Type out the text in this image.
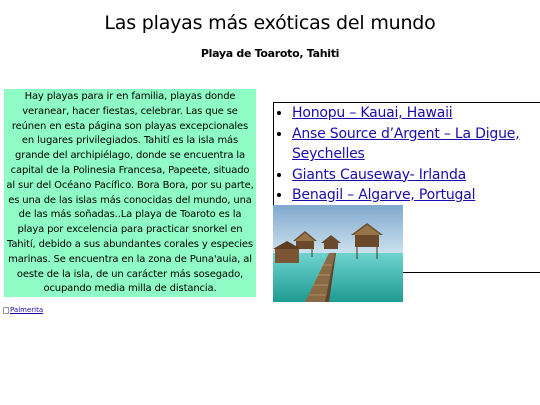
Las playas más exóticas del mundo
Playa de Toaroto, Tahiti
Hay playas para ir en familia, playas donde veranear, hacer fiestas, celebrar. Las que se reúnen en esta página son playas excepcionales en lugares privilegiados. Tahití es la isla más grande del archipiélago, donde se encuentra la capital de la Polinesia Francesa, Papeete, situado al sur del Océano Pacífico. Bora Bora, por su parte, es una de las islas más conocidas del mundo, una de las más soñadas..La playa de Toaroto es la playa por excelencia para practicar snorkel en Tahití, debido a sus abundantes corales y especies marinas. Se encuentra en la zona de Puna'auia, al oeste de la isla, de un carácter más sosegado, ocupando media milla de distancia.
• Honopu – Kauai, Hawaii
• Anse Source d’Argent – La Digue, Seychelles
• Giants Causeway- Irlanda
• Benagil – Algarve, Portugal
Palmerita
